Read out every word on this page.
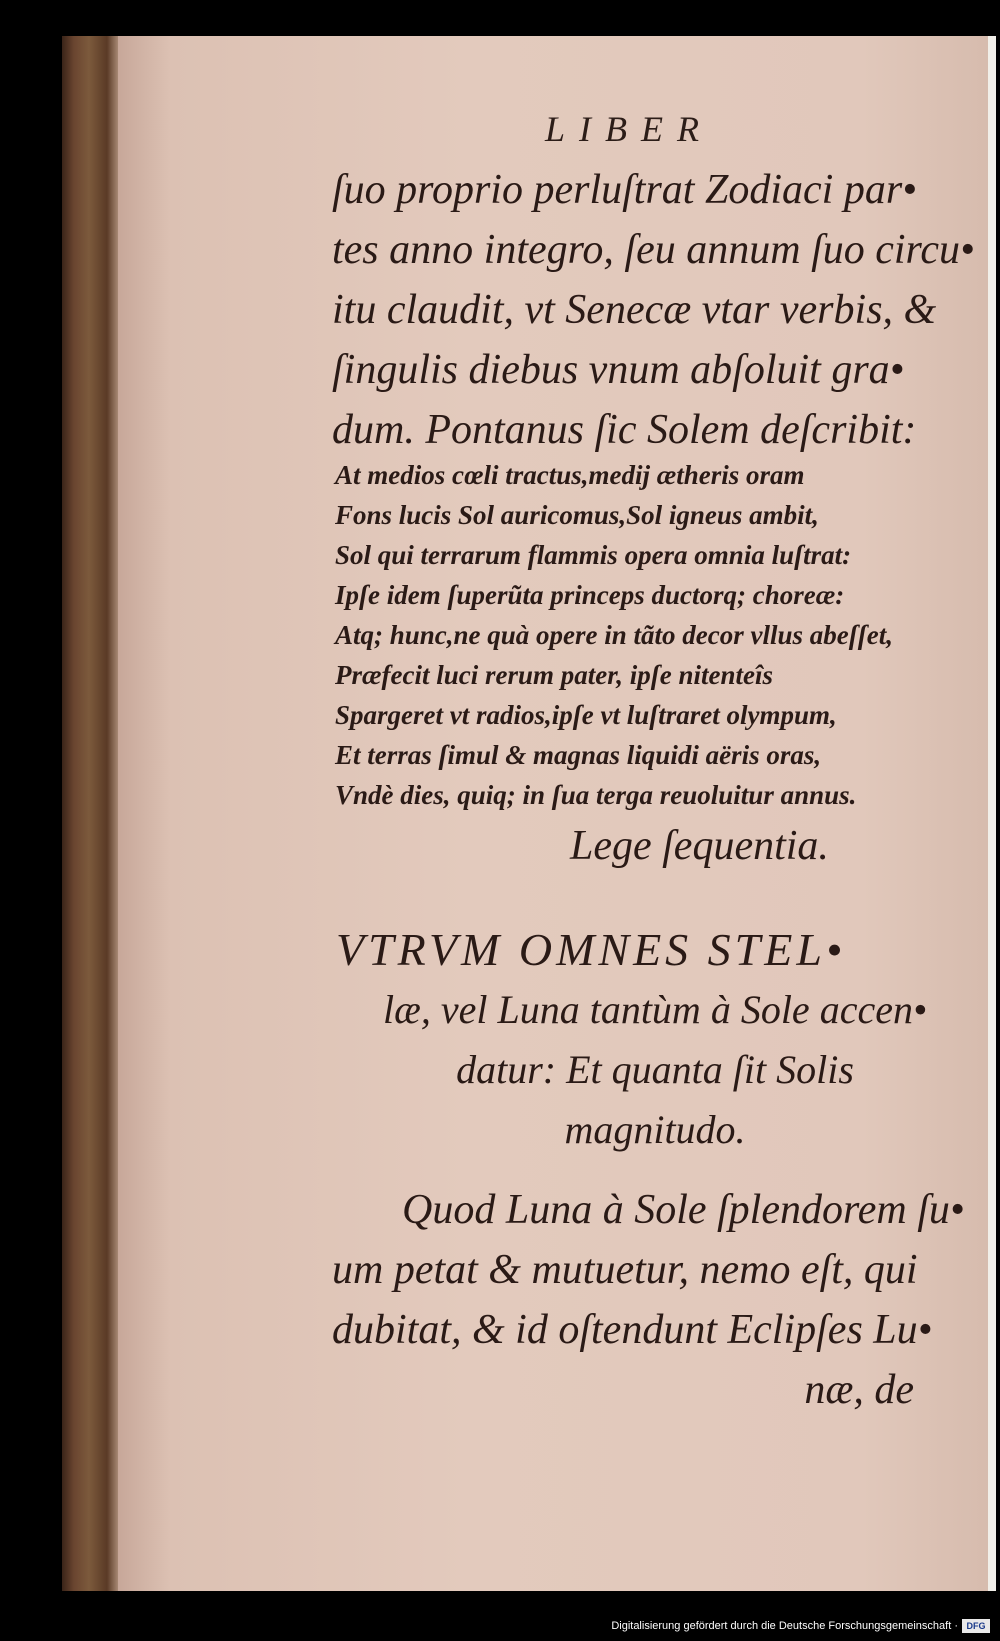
LIBER
ſuo proprio perluſtrat Zodiaci par•
tes anno integro, ſeu annum ſuo circu•
itu claudit, vt Senecæ vtar verbis, &
ſingulis diebus vnum abſoluit gra•
dum. Pontanus ſic Solem deſcribit:
At medios cœli tractus,medij ætheris oram
Fons lucis Sol auricomus,Sol igneus ambit,
Sol qui terrarum flammis opera omnia luſtrat:
Ipſe idem ſuperũta princeps ductorq; choreæ:
Atq; hunc,ne quà opere in tãto decor vllus abeſſet,
Præfecit luci rerum pater, ipſe nitenteîs
Spargeret vt radios,ipſe vt luſtraret olympum,
Et terras ſimul & magnas liquidi aëris oras,
Vndè dies, quiq; in ſua terga reuoluitur annus.
Lege ſequentia.
VTRVM OMNES STEL•
læ, vel Luna tantùm à Sole accen•
datur: Et quanta ſit Solis
magnitudo.
Quod Luna à Sole ſplendorem ſu•
um petat & mutuetur, nemo eſt, qui
dubitat, & id oſtendunt Eclipſes Lu•
næ, de
Digitalisierung gefördert durch die Deutsche Forschungsgemeinschaft · DFG
